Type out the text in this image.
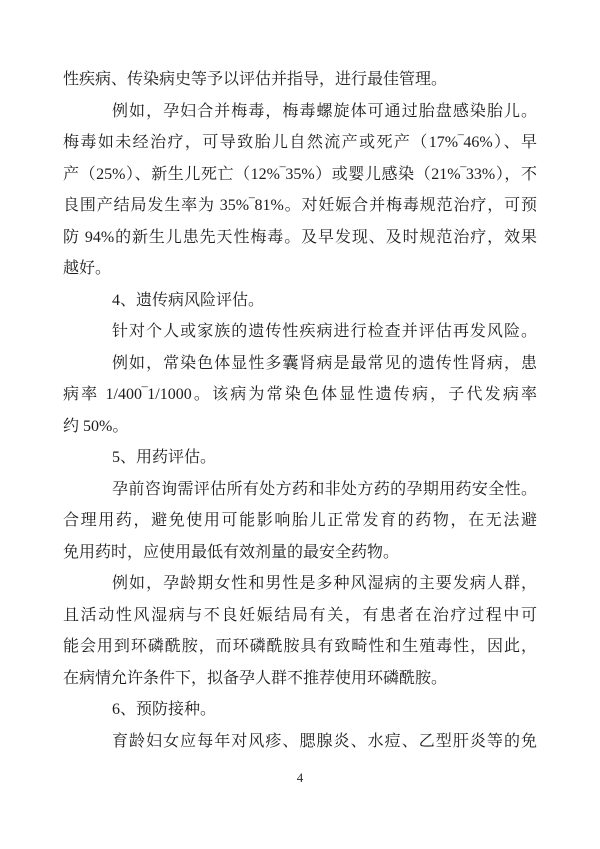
性疾病、传染病史等予以评估并指导，进行最佳管理。
例如，孕妇合并梅毒，梅毒螺旋体可通过胎盘感染胎儿。
梅毒如未经治疗，可导致胎儿自然流产或死产（17%‾46%）、早
产（25%）、新生儿死亡（12%‾35%）或婴儿感染（21%‾33%），不
良围产结局发生率为 35%‾81%。对妊娠合并梅毒规范治疗，可预
防 94%的新生儿患先天性梅毒。及早发现、及时规范治疗，效果
越好。
4、遗传病风险评估。
针对个人或家族的遗传性疾病进行检查并评估再发风险。
例如，常染色体显性多囊肾病是最常见的遗传性肾病，患
病率 1/400‾1/1000。该病为常染色体显性遗传病，子代发病率
约 50%。
5、用药评估。
孕前咨询需评估所有处方药和非处方药的孕期用药安全性。
合理用药，避免使用可能影响胎儿正常发育的药物，在无法避
免用药时，应使用最低有效剂量的最安全药物。
例如，孕龄期女性和男性是多种风湿病的主要发病人群，
且活动性风湿病与不良妊娠结局有关，有患者在治疗过程中可
能会用到环磷酰胺，而环磷酰胺具有致畸性和生殖毒性，因此，
在病情允许条件下，拟备孕人群不推荐使用环磷酰胺。
6、预防接种。
育龄妇女应每年对风疹、腮腺炎、水痘、乙型肝炎等的免
4
